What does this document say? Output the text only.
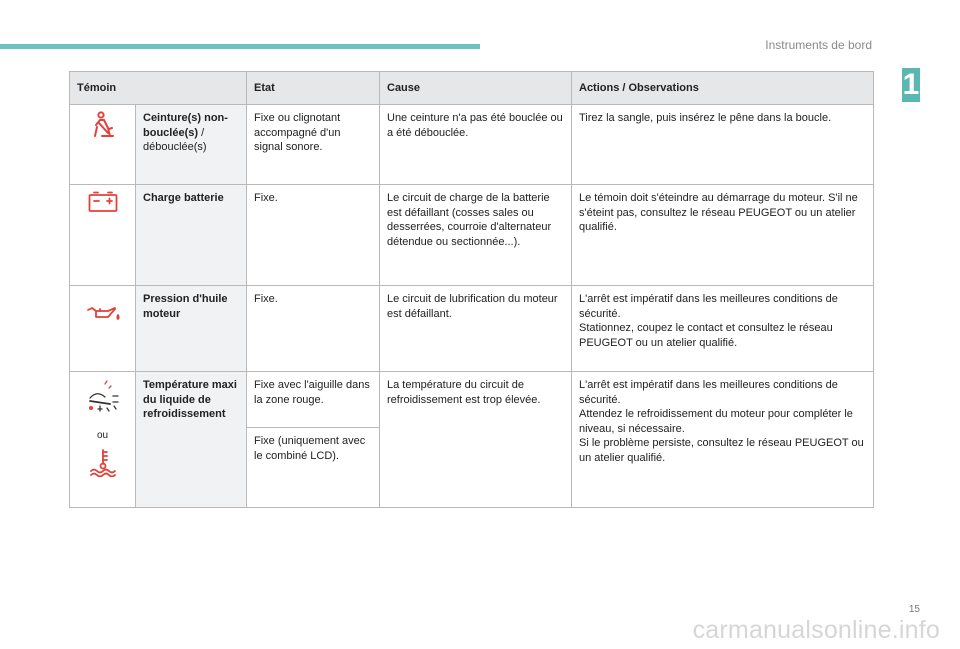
Instruments de bord
1
Témoin		Etat	Cause	Actions / Observations
	Ceinture(s) non-bouclée(s) / débouclée(s)	Fixe ou clignotant accompagné d'un signal sonore.	Une ceinture n'a pas été bouclée ou a été débouclée.	Tirez la sangle, puis insérez le pêne dans la boucle.
	Charge batterie	Fixe.	Le circuit de charge de la batterie est défaillant (cosses sales ou desserrées, courroie d'alternateur détendue ou sectionnée...).	Le témoin doit s'éteindre au démarrage du moteur. S'il ne s'éteint pas, consultez le réseau PEUGEOT ou un atelier qualifié.
	Pression d'huile moteur	Fixe.	Le circuit de lubrification du moteur est défaillant.	L'arrêt est impératif dans les meilleures conditions de sécurité.
Stationnez, coupez le contact et consultez le réseau PEUGEOT ou un atelier qualifié.

ou	Température maxi du liquide de refroidissement	Fixe avec l'aiguille dans la zone rouge.	La température du circuit de refroidissement est trop élevée.	L'arrêt est impératif dans les meilleures conditions de sécurité.
Attendez le refroidissement du moteur pour compléter le niveau, si nécessaire.
Si le problème persiste, consultez le réseau PEUGEOT ou un atelier qualifié.

		Fixe (uniquement avec le combiné LCD).		
15
carmanualsonline.info
